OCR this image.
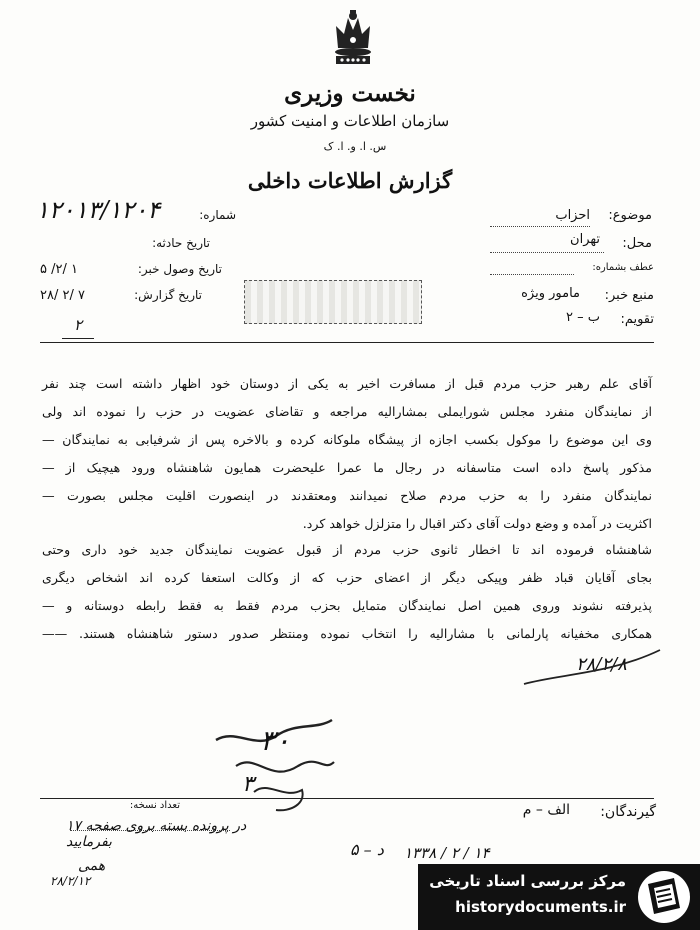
نخست وزیری
سازمان اطلاعات و امنیت کشور
س. ا. و. ا. ک
گزارش اطلاعات داخلی
۱۲۰۱۳/۱۲۰۴	شماره:
تاریخ حادثه:
تاریخ وصول خبر:
۵ /۲/ ۱
تاریخ گزارش:
۲۸/ ۲/ ۷
۲
موضوع:
احزاب
محل:
تهران
عطف بشماره:
منبع خبر:
مامور ویژه
تقویم:
ب – ۲
آقای علم رهبر حزب مردم قبل از مسافرت اخیر به یکی از دوستان خود اظهار داشته است چند نفر
از نمایندگان منفرد مجلس شورایملی بمشارالیه مراجعه و تقاضای عضویت در حزب را نموده اند ولی
وی این موضوع را موکول بکسب اجازه از پیشگاه ملوکانه کرده و بالاخره پس از شرفیابی به نمایندگان —
مذکور پاسخ داده است متاسفانه در رجال ما عمرا علیحضرت همایون شاهنشاه ورود هیچیک از —
نمایندگان منفرد را به حزب مردم صلاح نمیدانند ومعتقدند در اینصورت اقلیت مجلس بصورت —
اکثریت در آمده و وضع دولت آقای دکتر اقبال را متزلزل خواهد کرد.
شاهنشاه فرموده اند تا اخطار ثانوی حزب مردم از قبول عضویت نمایندگان جدید خود داری وحتی
بجای آقایان قباد ظفر وپیکی دیگر از اعضای حزب که از وکالت استعفا کرده اند اشخاص دیگری
پذیرفته نشوند وروی همین اصل نمایندگان متمایل بحزب مردم فقط به فقط رابطه دوستانه و —
همکاری مخفیانه پارلمانی با مشارالیه را انتخاب نموده ومنتظر صدور دستور شاهنشاه هستند. ——
۲۸/۲/۸
۳۰
۳
گیرندگان:
الف – م
تعداد نسخه:
در پرونده بسته بروی صفحه ۱۷ بفرمایید	۵ – د	۱۳۳۸ / ۲ / ۱۴
همی
۲۸/۲/۱۲	مرکز بررسی اسناد تاریخی
historydocuments.ir
